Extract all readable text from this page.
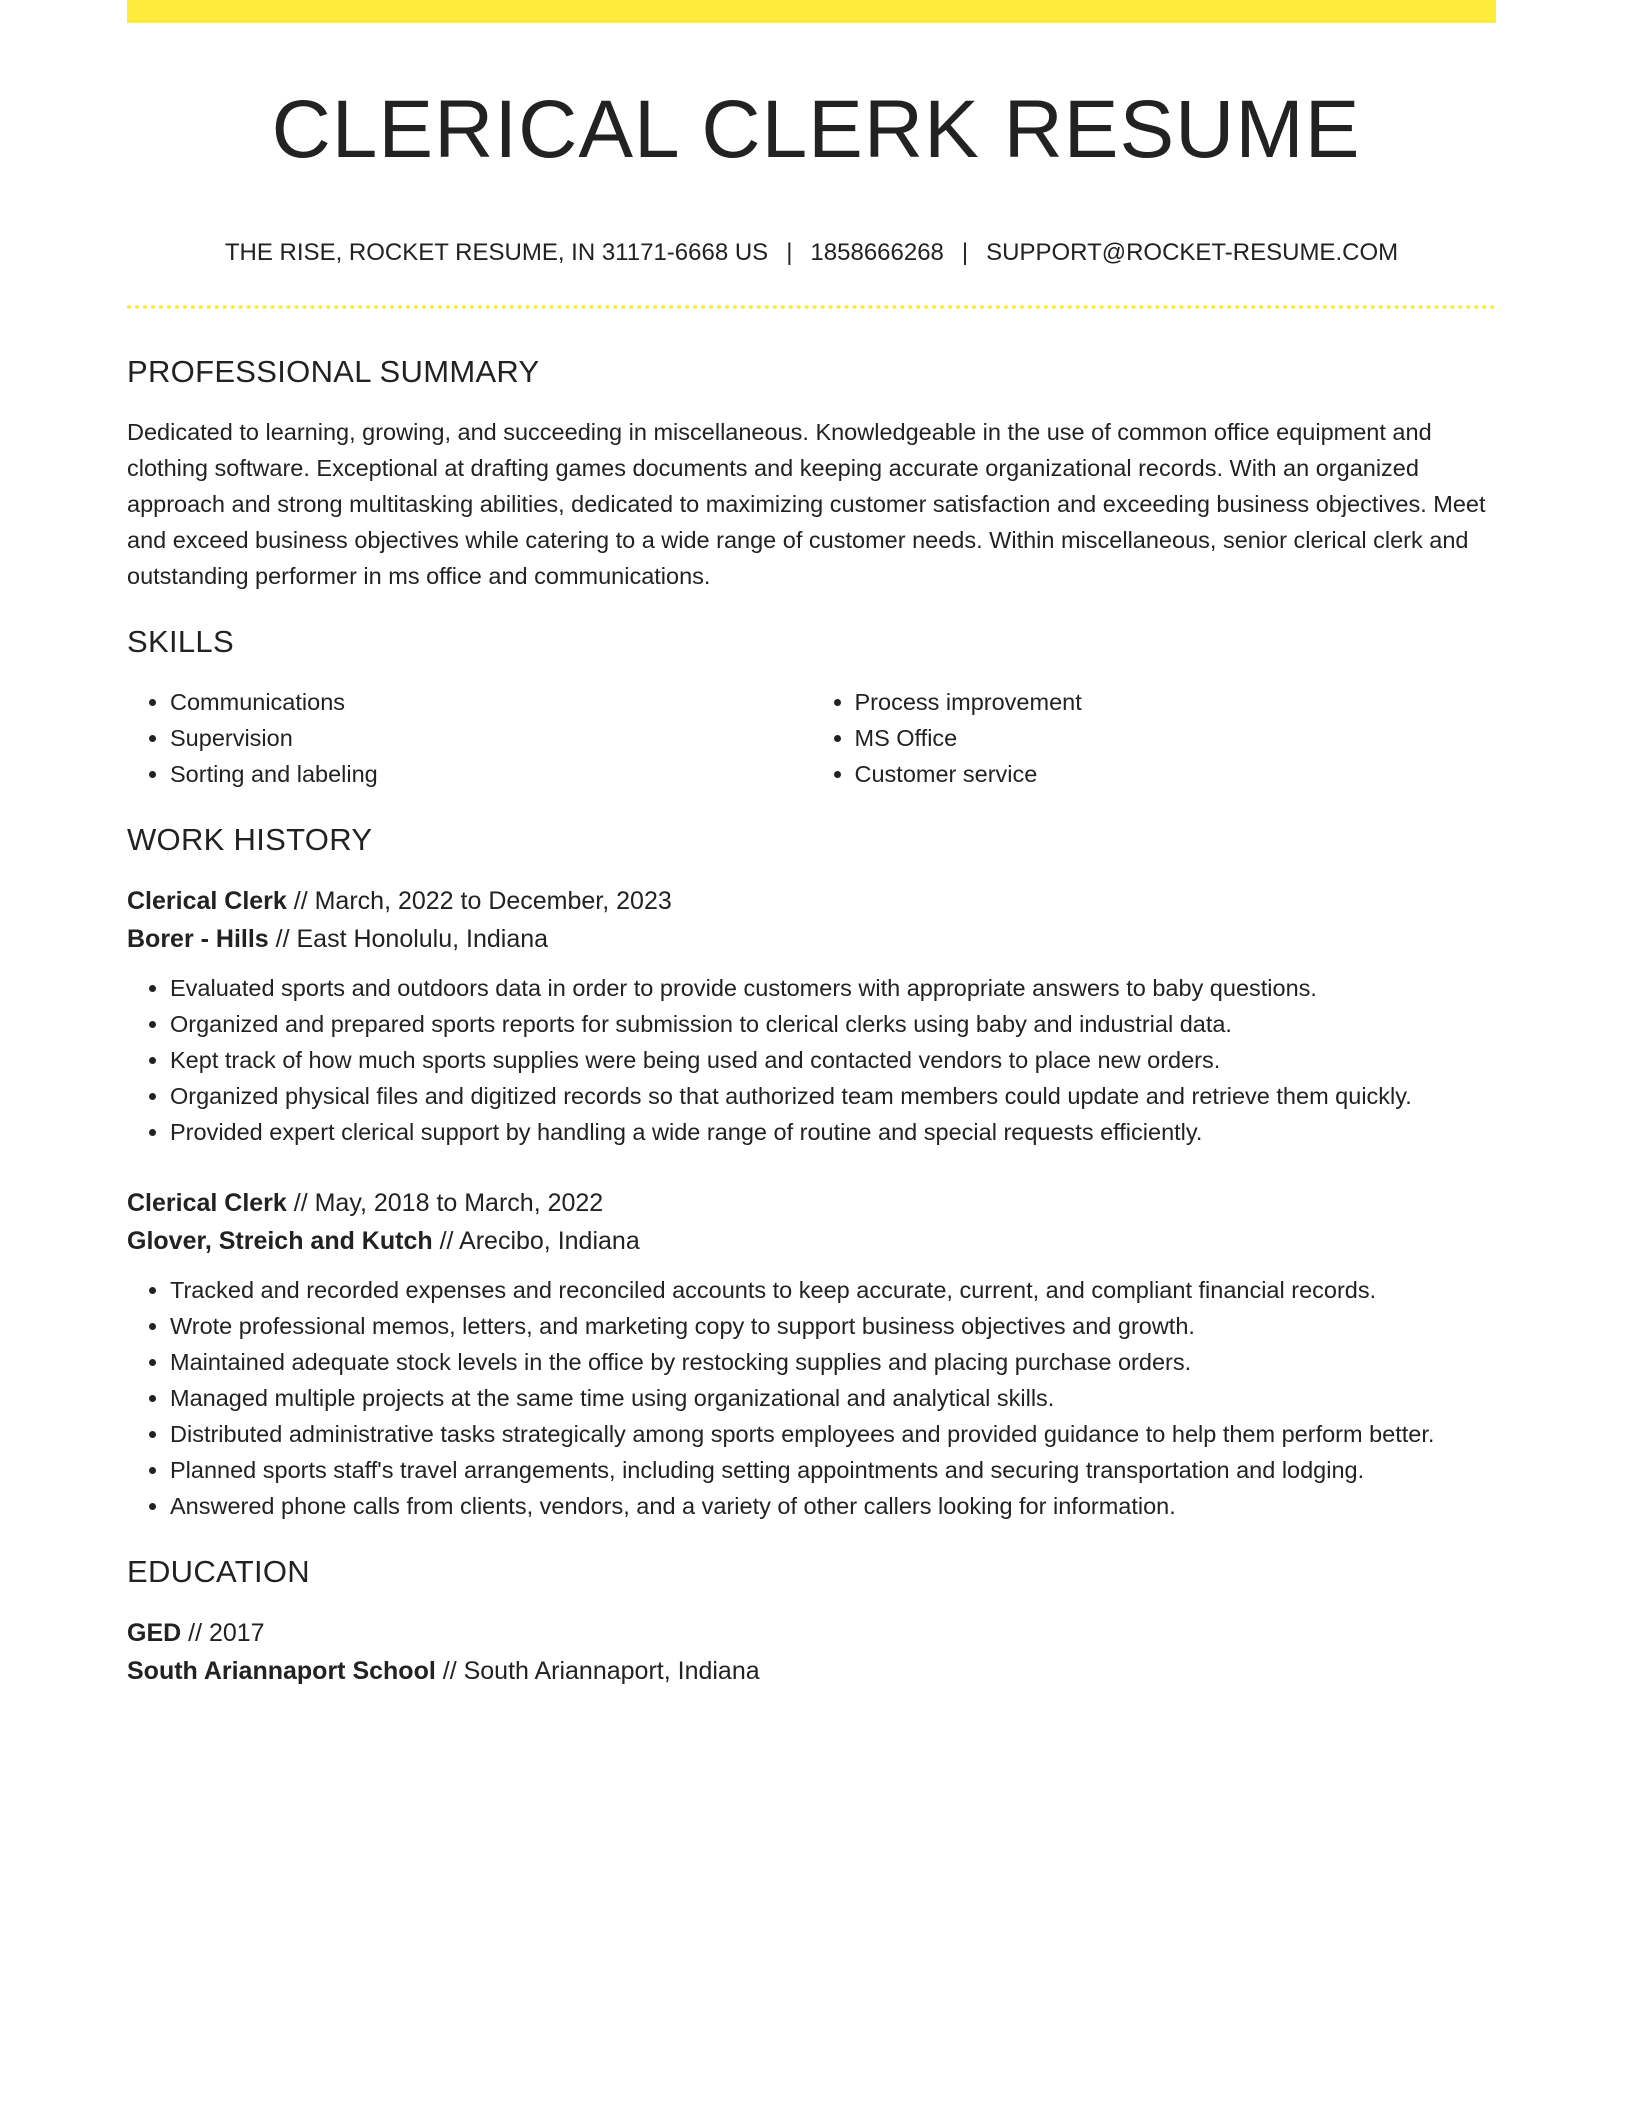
CLERICAL CLERK RESUME
THE RISE, ROCKET RESUME, IN 31171-6668 US | 1858666268 | SUPPORT@ROCKET-RESUME.COM
PROFESSIONAL SUMMARY

Dedicated to learning, growing, and succeeding in miscellaneous. Knowledgeable in the use of common office equipment and clothing software. Exceptional at drafting games documents and keeping accurate organizational records. With an organized approach and strong multitasking abilities, dedicated to maximizing customer satisfaction and exceeding business objectives. Meet and exceed business objectives while catering to a wide range of customer needs. Within miscellaneous, senior clerical clerk and outstanding performer in ms office and communications.

SKILLS
• Communications
• Supervision
• Sorting and labeling
• Process improvement
• MS Office
• Customer service
WORK HISTORY
Clerical Clerk // March, 2022 to December, 2023
Borer - Hills // East Honolulu, Indiana
• Evaluated sports and outdoors data in order to provide customers with appropriate answers to baby questions.
• Organized and prepared sports reports for submission to clerical clerks using baby and industrial data.
• Kept track of how much sports supplies were being used and contacted vendors to place new orders.
• Organized physical files and digitized records so that authorized team members could update and retrieve them quickly.
• Provided expert clerical support by handling a wide range of routine and special requests efficiently.
Clerical Clerk // May, 2018 to March, 2022
Glover, Streich and Kutch // Arecibo, Indiana
• Tracked and recorded expenses and reconciled accounts to keep accurate, current, and compliant financial records.
• Wrote professional memos, letters, and marketing copy to support business objectives and growth.
• Maintained adequate stock levels in the office by restocking supplies and placing purchase orders.
• Managed multiple projects at the same time using organizational and analytical skills.
• Distributed administrative tasks strategically among sports employees and provided guidance to help them perform better.
• Planned sports staff's travel arrangements, including setting appointments and securing transportation and lodging.
• Answered phone calls from clients, vendors, and a variety of other callers looking for information.
EDUCATION
GED // 2017
South Ariannaport School // South Ariannaport, Indiana
